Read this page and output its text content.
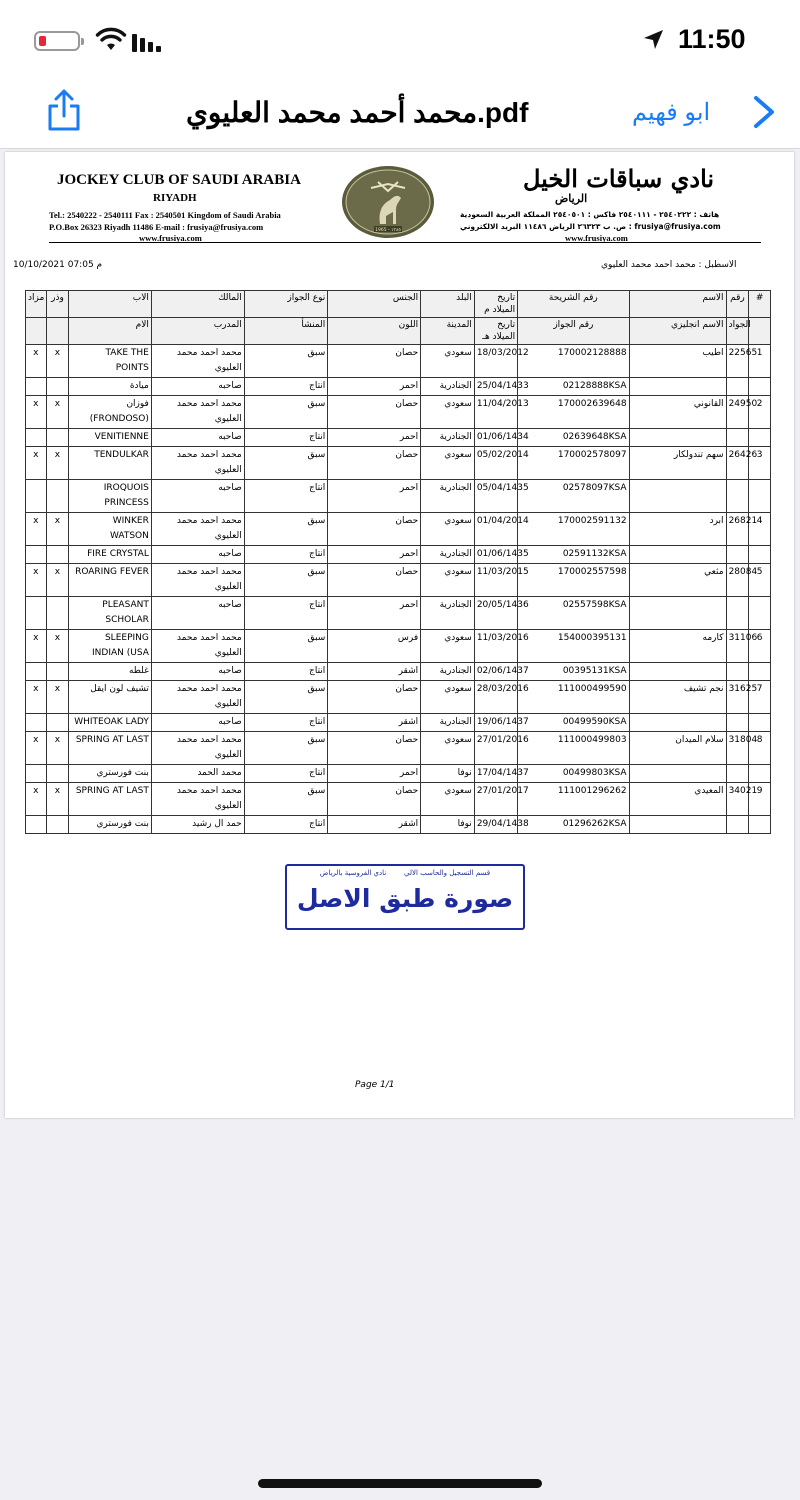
11:50
محمد أحمد محمد العليوي.pdf	ابو فهيم
JOCKEY CLUB OF SAUDI ARABIA
RIYADH
Tel.: 2540222 - 2540111 Fax : 2540501 Kingdom of Saudi Arabia
P.O.Box 26323 Riyadh 11486 E-mail : frusiya@frusiya.com
www.frusiya.com
1965 - ١٣٨٥
نادي سباقات الخيل
الرياض
هاتف : ٢٥٤٠٢٢٢ - ٢٥٤٠١١١ فاكس : ٢٥٤٠٥٠١ المملكة العربية السعودية
ص. ب ٢٦٣٢٣ الرياض ١١٤٨٦ البريد الالكتروني : frusiya@frusiya.com
www.frusiya.com
10/10/2021 07:05 م	الاسطبل : محمد احمد محمد العليوي
مزاد	وذر	الاب	المالك	نوع الجواز	الجنس	البلد	تاريخ الميلاد م	رقم الشريحة	الاسم	رقم	#
		الام	المدرب	المنشأ	اللون	المدينة	تاريخ الميلاد هـ	رقم الجواز	الاسم انجليزي	الجواد	
x	x	TAKE THE POINTS	محمد احمد محمد العليوي	سبق	حصان	سعودي	18/03/2012	170002128888	اطيب	22565	1
		ميادة	صاحبه	انتاج	احمر	الجنادرية	25/04/1433	02128888KSA			
x	x	فوزان (FRONDOSO)	محمد احمد محمد العليوي	سبق	حصان	سعودي	11/04/2013	170002639648	القانوني	24950	2
		VENITIENNE	صاحبه	انتاج	احمر	الجنادرية	01/06/1434	02639648KSA			
x	x	TENDULKAR	محمد احمد محمد العليوي	سبق	حصان	سعودي	05/02/2014	170002578097	سهم تندولكار	26426	3
		IROQUOIS PRINCESS	صاحبه	انتاج	احمر	الجنادرية	05/04/1435	02578097KSA			
x	x	WINKER WATSON	محمد احمد محمد العليوي	سبق	حصان	سعودي	01/04/2014	170002591132	ابرد	26821	4
		FIRE CRYSTAL	صاحبه	انتاج	احمر	الجنادرية	01/06/1435	02591132KSA			
x	x	ROARING FEVER	محمد احمد محمد العليوي	سبق	حصان	سعودي	11/03/2015	170002557598	مثعي	28084	5
		PLEASANT SCHOLAR	صاحبه	انتاج	احمر	الجنادرية	20/05/1436	02557598KSA			
x	x	SLEEPING INDIAN (USA	محمد احمد محمد العليوي	سبق	فرس	سعودي	11/03/2016	154000395131	كارمه	31106	6
		غلطه	صاحبه	انتاج	اشقر	الجنادرية	02/06/1437	00395131KSA			
x	x	تشيف لون ايقل	محمد احمد محمد العليوي	سبق	حصان	سعودي	28/03/2016	111000499590	نجم تشيف	31625	7
		WHITEOAK LADY	صاحبه	انتاج	اشقر	الجنادرية	19/06/1437	00499590KSA			
x	x	SPRING AT LAST	محمد احمد محمد العليوي	سبق	حصان	سعودي	27/01/2016	111000499803	سلام الميدان	31804	8
		بنت فورستري	محمد الحمد	انتاج	احمر	نوفا	17/04/1437	00499803KSA			
x	x	SPRING AT LAST	محمد احمد محمد العليوي	سبق	حصان	سعودي	27/01/2017	111001296262	المعيدي	34021	9
		بنت فورستري	حمد ال رشيد	انتاج	اشقر	نوفا	29/04/1438	01296262KSA			
قسم التسجيل والحاسب الالي        نادي الفروسية بالرياض
صورة طبق الاصل
Page 1/1
